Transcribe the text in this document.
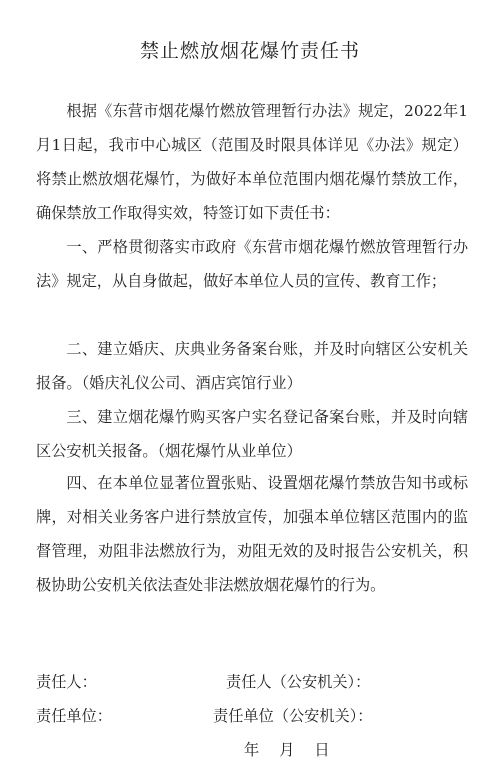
禁止燃放烟花爆竹责任书

根据《东营市烟花爆竹燃放管理暂行办法》规定，2022年1月1日起，我市中心城区（范围及时限具体详见《办法》规定）将禁止燃放烟花爆竹，为做好本单位范围内烟花爆竹禁放工作，确保禁放工作取得实效，特签订如下责任书：

一、严格贯彻落实市政府《东营市烟花爆竹燃放管理暂行办法》规定，从自身做起，做好本单位人员的宣传、教育工作；

二、建立婚庆、庆典业务备案台账，并及时向辖区公安机关报备。（婚庆礼仪公司、酒店宾馆行业）

三、建立烟花爆竹购买客户实名登记备案台账，并及时向辖区公安机关报备。（烟花爆竹从业单位）

四、在本单位显著位置张贴、设置烟花爆竹禁放告知书或标牌，对相关业务客户进行禁放宣传，加强本单位辖区范围内的监督管理，劝阻非法燃放行为，劝阻无效的及时报告公安机关，积极协助公安机关依法查处非法燃放烟花爆竹的行为。

责任人：	责任人（公安机关）：
责任单位：	责任单位（公安机关）：
年　 月　 日
